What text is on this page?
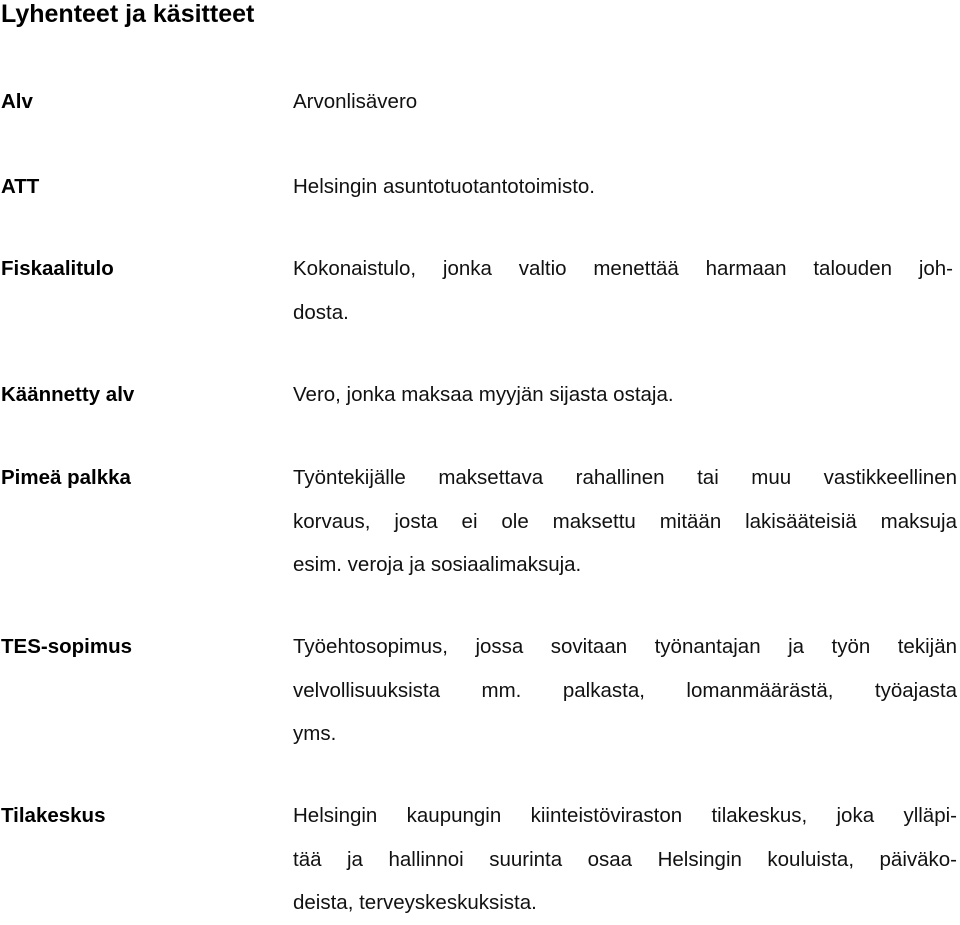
Lyhenteet ja käsitteet
Alv	Arvonlisävero
ATT	Helsingin asuntotuotantotoimisto.
Fiskaalitulo	Kokonaistulo, jonka valtio menettää harmaan talouden joh-
dosta.
Käännetty alv	Vero, jonka maksaa myyjän sijasta ostaja.
Pimeä palkka	Työntekijälle maksettava rahallinen tai muu vastikkeellinen
korvaus, josta ei ole maksettu mitään lakisääteisiä maksuja
esim. veroja ja sosiaalimaksuja.
TES-sopimus	Työehtosopimus, jossa sovitaan työnantajan ja työn tekijän
velvollisuuksista mm. palkasta, lomanmäärästä, työajasta
yms.
Tilakeskus	Helsingin kaupungin kiinteistöviraston tilakeskus, joka ylläpi-
tää ja hallinnoi suurinta osaa Helsingin kouluista, päiväko-
deista, terveyskeskuksista.
